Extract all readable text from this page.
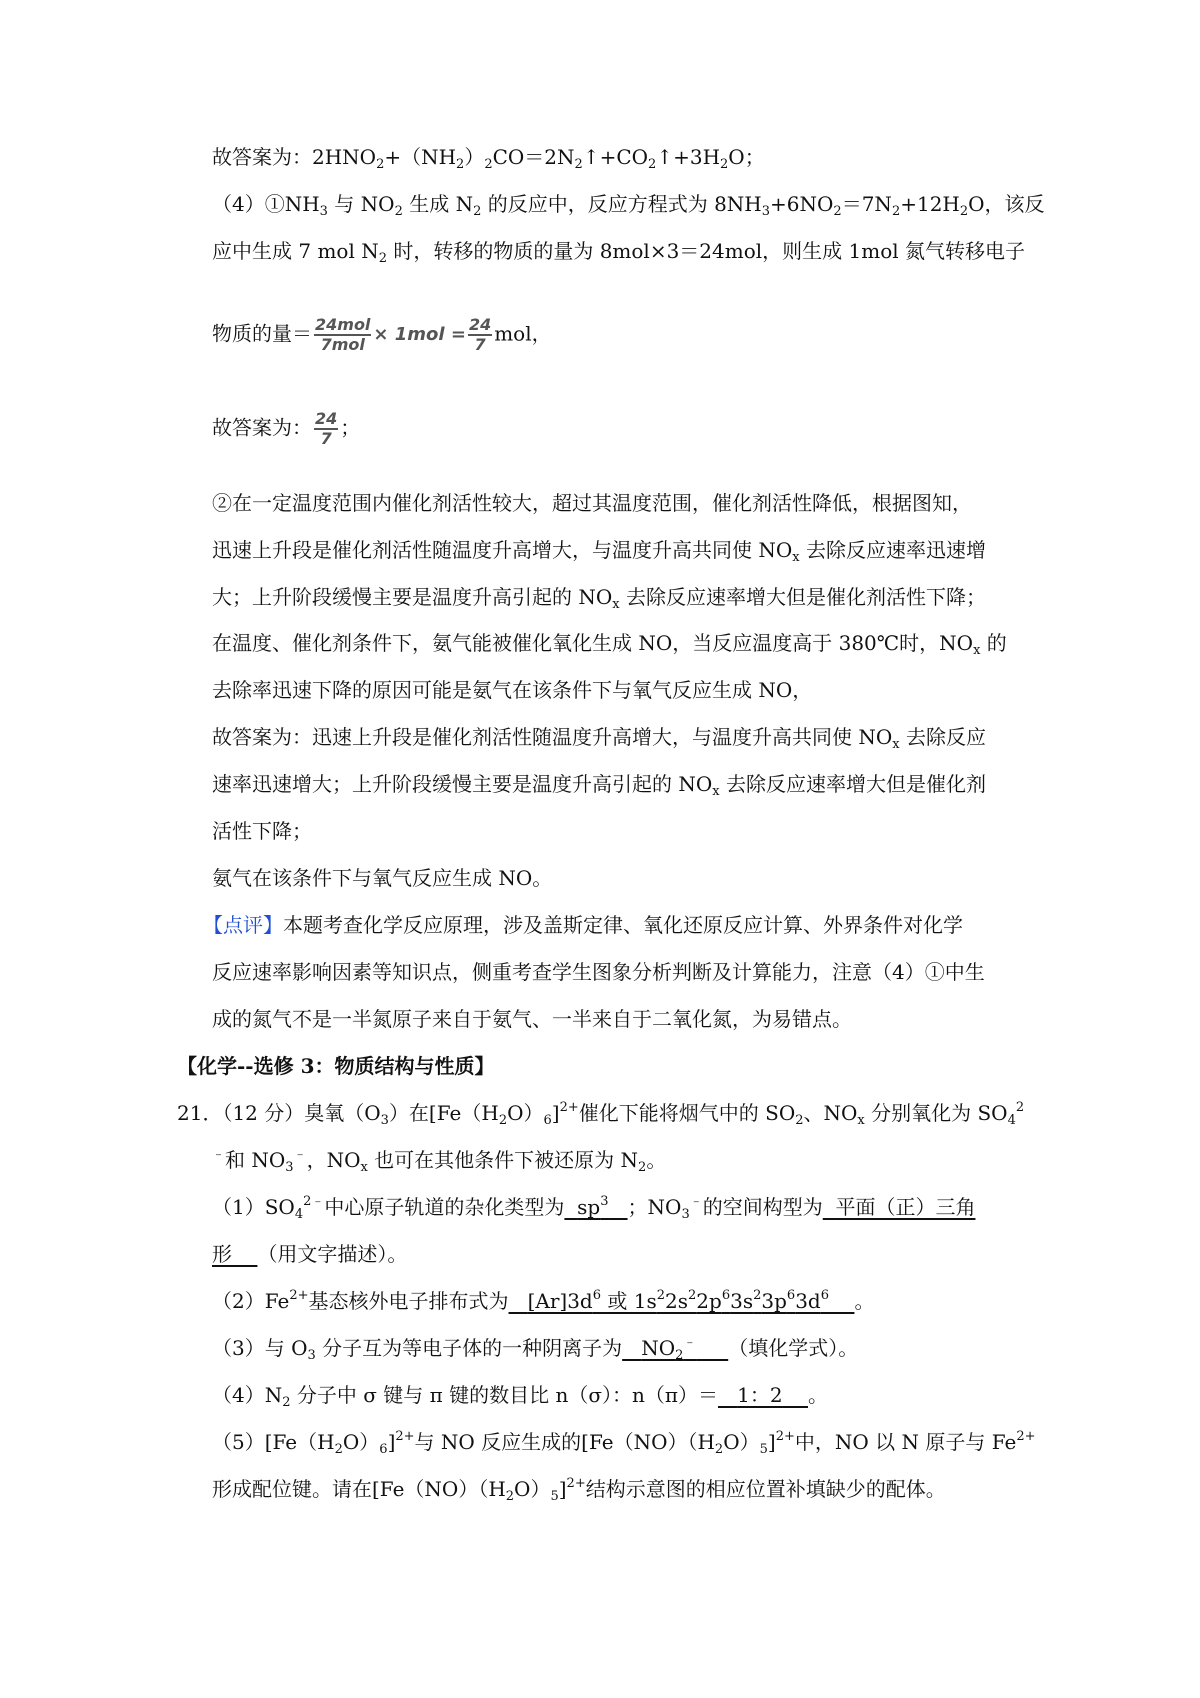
故答案为：$2HNO_2+(NH_2)_2CO=2N_2↑+CO_2↑+3H_2O$；
$(4)①NH_3$ 与 $NO_2$ 生成 $N_2$ 的反应中，反应方程式为 $8NH_3+6NO_2=7N_2+12H_2O$，该反
应中生成 7 mol $N_2$ 时，转移的物质的量为 8mol×3＝24mol，则生成 1mol 氮气转移电子
物质的量＝ $\frac{\text{24mol}}{\text{7mol}} \times 1mol = \frac{24}{7}$ mol，
故答案为： $\frac{24}{7}$ ；
②在一定温度范围内催化剂活性较大，超过其温度范围，催化剂活性降低，根据图知，
迅速上升段是催化剂活性随温度升高增大，与温度升高共同使 $NO_x$ 去除反应速率迅速增
大；上升阶段缓慢主要是温度升高引起的 $NO_x$ 去除反应速率增大但是催化剂活性下降；
在温度、催化剂条件下，氨气能被催化氧化生成 NO，当反应温度高于 380℃时，$NO_x$ 的
去除率迅速下降的原因可能是氨气在该条件下与氧气反应生成 NO，
故答案为：迅速上升段是催化剂活性随温度升高增大，与温度升高共同使 $NO_x$ 去除反应
速率迅速增大；上升阶段缓慢主要是温度升高引起的 $NO_x$ 去除反应速率增大但是催化剂
活性下降；
氨气在该条件下与氧气反应生成 NO。
【点评】本题考查化学反应原理，涉及盖斯定律、氧化还原反应计算、外界条件对化学
反应速率影响因素等知识点，侧重考查学生图象分析判断及计算能力，注意（4）①中生
成的氮气不是一半氮原子来自于氨气、一半来自于二氧化氮，为易错点。
【化学--选修 3：物质结构与性质】
21．（12 分）臭氧$(O_3)$在$[Fe(H_2O)_6]^{2+}$催化下能将烟气中的 $SO_2$、$NO_x$ 分别氧化为 $SO_4^2$
﹣和 $NO_3^﹣$，$NO_x$ 也可在其他条件下被还原为 $N_2$。
$(1)SO_4^{2﹣}$中心原子轨道的杂化类型为 $sp^3$ ；$NO_3^﹣$的空间构型为 平面（正）三角
形 （用文字描述）。
$(2)Fe^{2+}$基态核外电子排布式为 $[Ar]3d^6$ 或 $1s^22s^22p^63s^23p^63d^6$ 。
（3）与 $O_3$ 分子互为等电子体的一种阴离子为 $NO_2^﹣$ （填化学式）。
$(4)N_2$ 分子中 σ 键与 π 键的数目比 n（σ）：n（π）＝ 1：2 。
$(5)[Fe(H_2O)_6]^{2+}$与 NO 反应生成的$[Fe(NO)(H_2O)_5]^{2+}$中，NO 以 N 原子与 $Fe^{2+}$
形成配位键。请在$[Fe(NO)(H_2O)_5]^{2+}$结构示意图的相应位置补填缺少的配体。
